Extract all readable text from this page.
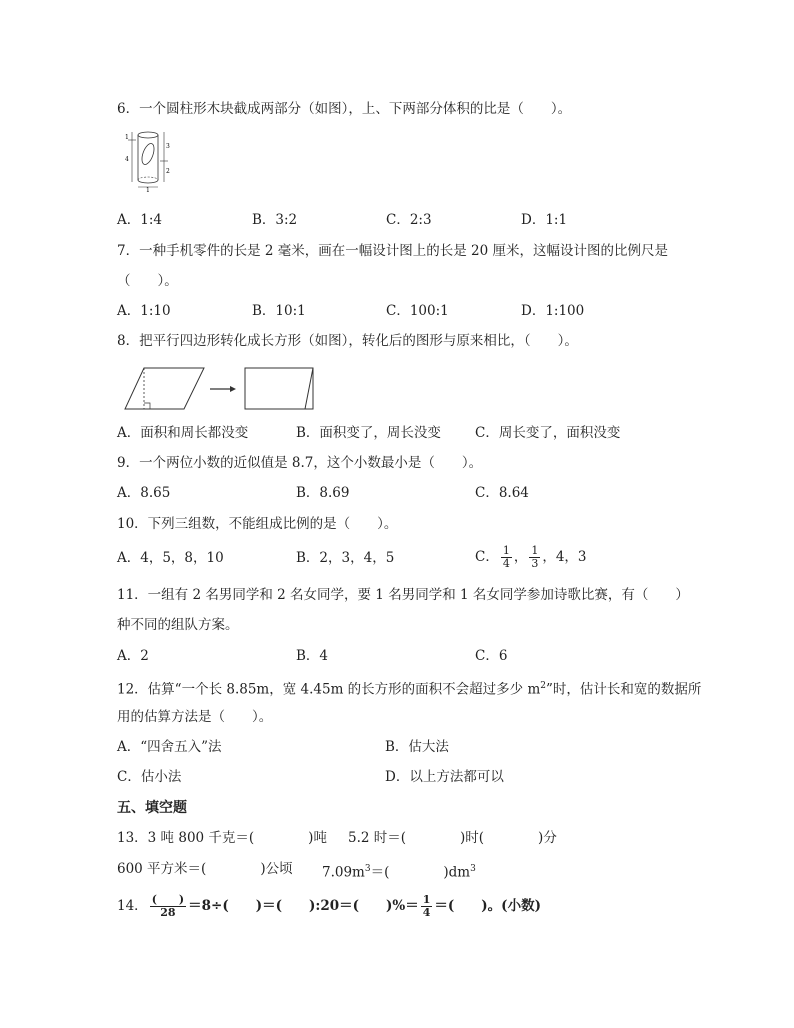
6．一个圆柱形木块截成两部分（如图），上、下两部分体积的比是（　　）。
1
4
3
2
1
A．1:4	B．3:2	C．2:3	D．1:1
7．一种手机零件的长是 2 毫米，画在一幅设计图上的长是 20 厘米，这幅设计图的比例尺是
（　　）。
A．1:10	B．10:1	C．100:1	D．1:100
8．把平行四边形转化成长方形（如图），转化后的图形与原来相比，（　　）。
A．面积和周长都没变	B．面积变了，周长没变	C．周长变了，面积没变
9．一个两位小数的近似值是 8.7，这个小数最小是（　　）。
A．8.65	B．8.69	C．8.64
10．下列三组数，不能组成比例的是（　　）。
A．4，5，8，10	B．2，3，4，5	C． $\frac{1}{4}$ ， $\frac{1}{3}$ ，4，3
11．一组有 2 名男同学和 2 名女同学，要 1 名男同学和 1 名女同学参加诗歌比赛，有（　　）
种不同的组队方案。
A．2	B．4	C．6
12．估算“一个长 8.85m，宽 4.45m 的长方形的面积不会超过多少 $m^2$”时，估计长和宽的数据所
用的估算方法是（　　）。
A．“四舍五入”法	B．估大法
C．估小法	D．以上方法都可以
五、填空题
13．3 吨 800 千克＝(　　　　)吨 5.2 时＝(　　　　)时(　　　　)分
600 平方米＝(　　　　)公顷 $7.09m^3=$(　　　　)$dm^3$
14． $\frac{( )}{28} =8\div$(　　)＝(　　):20＝(　　)%＝ $\frac{1}{4}$ ＝(　　)。(小数)
